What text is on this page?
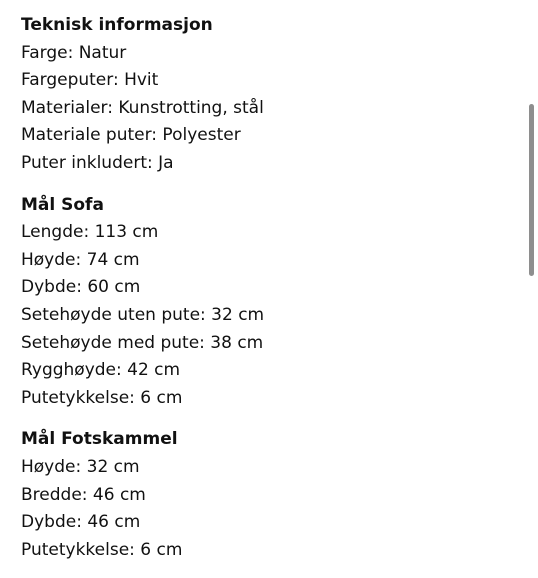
Teknisk informasjon
Farge: Natur
Fargeputer: Hvit
Materialer: Kunstrotting, stål
Materiale puter: Polyester
Puter inkludert: Ja
Mål Sofa
Lengde: 113 cm
Høyde: 74 cm
Dybde: 60 cm
Setehøyde uten pute: 32 cm
Setehøyde med pute: 38 cm
Rygghøyde: 42 cm
Putetykkelse: 6 cm
Mål Fotskammel
Høyde: 32 cm
Bredde: 46 cm
Dybde: 46 cm
Putetykkelse: 6 cm
